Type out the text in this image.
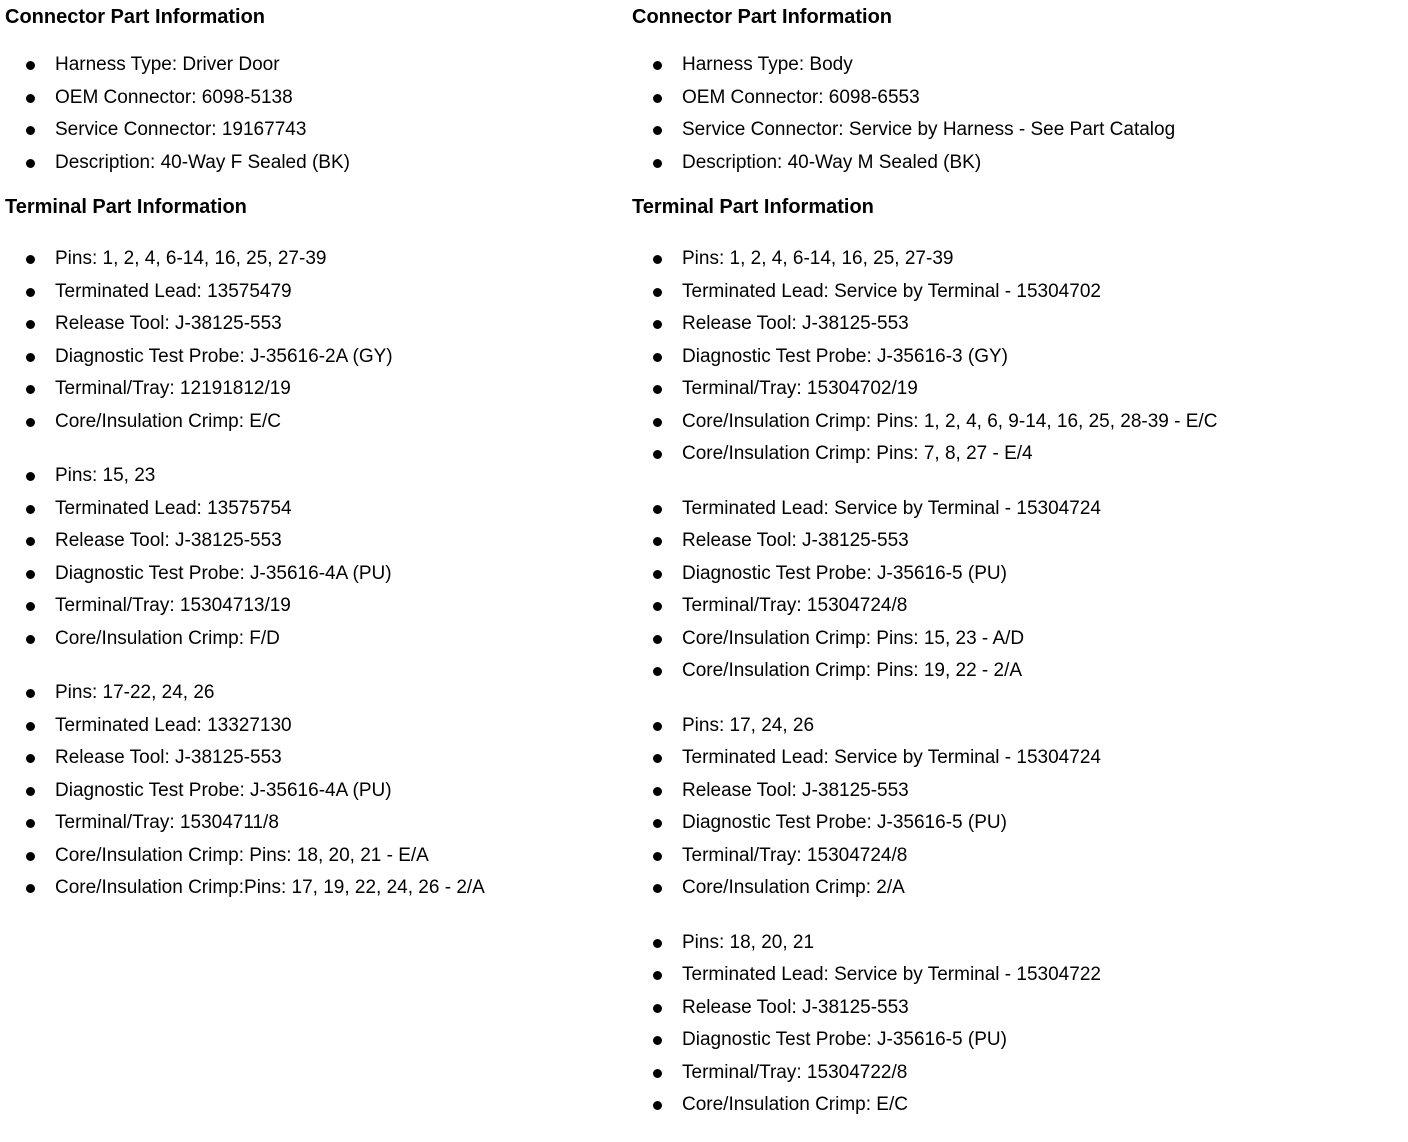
Connector Part Information
Harness Type: Driver Door
OEM Connector: 6098-5138
Service Connector: 19167743
Description: 40-Way F Sealed (BK)
Terminal Part Information
Pins: 1, 2, 4, 6-14, 16, 25, 27-39
Terminated Lead: 13575479
Release Tool: J-38125-553
Diagnostic Test Probe: J-35616-2A (GY)
Terminal/Tray: 12191812/19
Core/Insulation Crimp: E/C
Pins: 15, 23
Terminated Lead: 13575754
Release Tool: J-38125-553
Diagnostic Test Probe: J-35616-4A (PU)
Terminal/Tray: 15304713/19
Core/Insulation Crimp: F/D
Pins: 17-22, 24, 26
Terminated Lead: 13327130
Release Tool: J-38125-553
Diagnostic Test Probe: J-35616-4A (PU)
Terminal/Tray: 15304711/8
Core/Insulation Crimp: Pins: 18, 20, 21 - E/A
Core/Insulation Crimp:Pins: 17, 19, 22, 24, 26 - 2/A
Connector Part Information
Harness Type: Body
OEM Connector: 6098-6553
Service Connector: Service by Harness - See Part Catalog
Description: 40-Way M Sealed (BK)
Terminal Part Information
Pins: 1, 2, 4, 6-14, 16, 25, 27-39
Terminated Lead: Service by Terminal - 15304702
Release Tool: J-38125-553
Diagnostic Test Probe: J-35616-3 (GY)
Terminal/Tray: 15304702/19
Core/Insulation Crimp: Pins: 1, 2, 4, 6, 9-14, 16, 25, 28-39 - E/C
Core/Insulation Crimp: Pins: 7, 8, 27 - E/4
Terminated Lead: Service by Terminal - 15304724
Release Tool: J-38125-553
Diagnostic Test Probe: J-35616-5 (PU)
Terminal/Tray: 15304724/8
Core/Insulation Crimp: Pins: 15, 23 - A/D
Core/Insulation Crimp: Pins: 19, 22 - 2/A
Pins: 17, 24, 26
Terminated Lead: Service by Terminal - 15304724
Release Tool: J-38125-553
Diagnostic Test Probe: J-35616-5 (PU)
Terminal/Tray: 15304724/8
Core/Insulation Crimp: 2/A
Pins: 18, 20, 21
Terminated Lead: Service by Terminal - 15304722
Release Tool: J-38125-553
Diagnostic Test Probe: J-35616-5 (PU)
Terminal/Tray: 15304722/8
Core/Insulation Crimp: E/C
